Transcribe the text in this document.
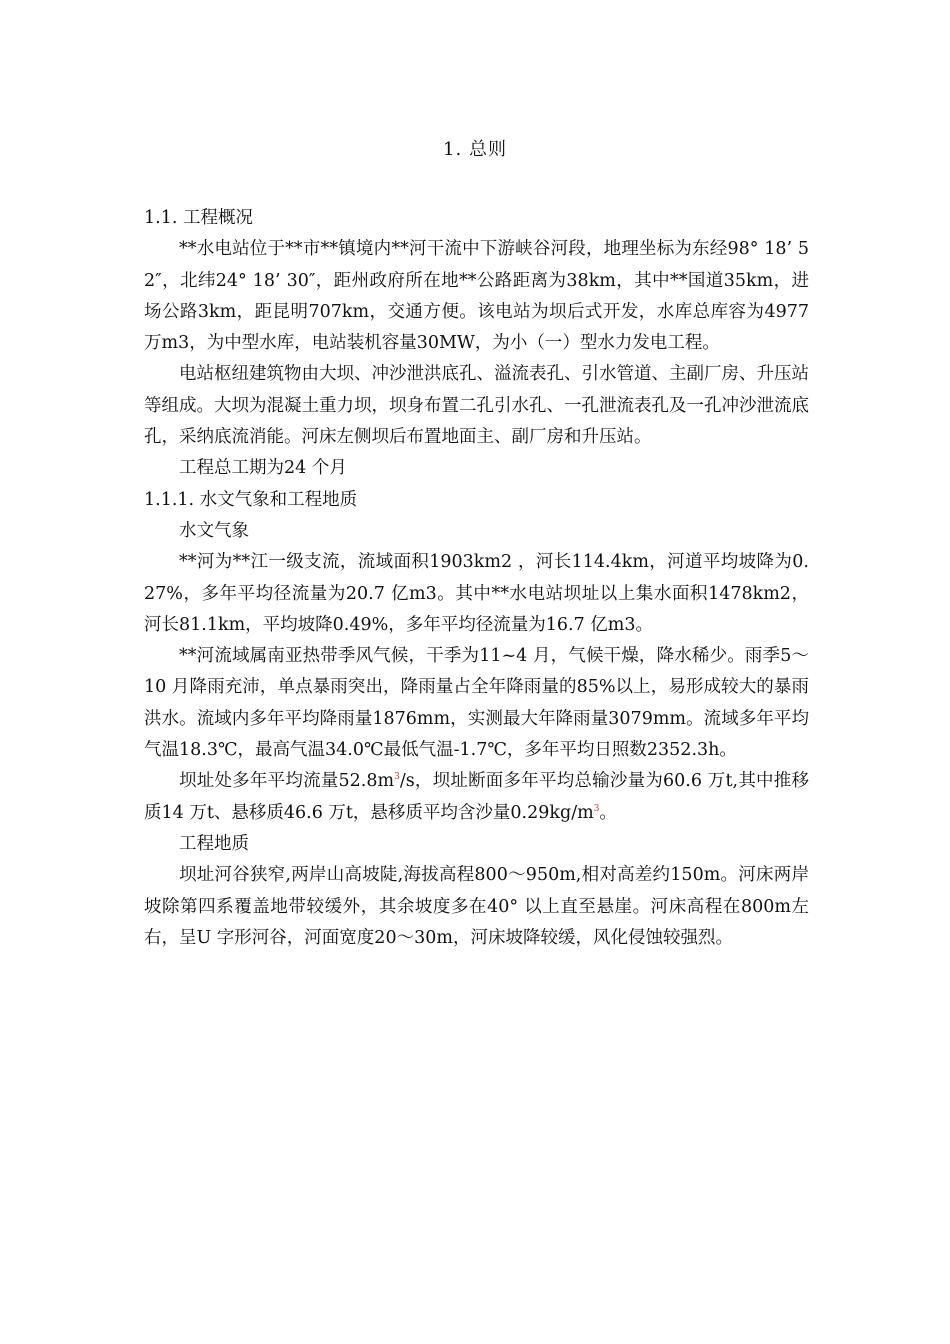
1. 总则

1.1. 工程概况

**水电站位于**市**镇境内**河干流中下游峡谷河段，地理坐标为东经98° 18’ 52″，北纬24° 18’ 30″，距州政府所在地**公路距离为38km，其中**国道35km，进场公路3km，距昆明707km，交通方便。该电站为坝后式开发，水库总库容为4977万m3，为中型水库，电站装机容量30MW，为小（一）型水力发电工程。

电站枢纽建筑物由大坝、冲沙泄洪底孔、溢流表孔、引水管道、主副厂房、升压站等组成。大坝为混凝土重力坝，坝身布置二孔引水孔、一孔泄流表孔及一孔冲沙泄流底孔，采纳底流消能。河床左侧坝后布置地面主、副厂房和升压站。

工程总工期为24 个月

1.1.1. 水文气象和工程地质

水文气象

**河为**江一级支流，流域面积1903km2 ，河长114.4km，河道平均坡降为0.27%，多年平均径流量为20.7 亿m3。其中**水电站坝址以上集水面积1478km2，河长81.1km，平均坡降0.49%，多年平均径流量为16.7 亿m3。

**河流域属南亚热带季风气候，干季为11~4 月，气候干燥，降水稀少。雨季5～10 月降雨充沛，单点暴雨突出，降雨量占全年降雨量的85%以上，易形成较大的暴雨洪水。流域内多年平均降雨量1876mm，实测最大年降雨量3079mm。流域多年平均气温18.3℃，最高气温34.0℃最低气温-1.7℃，多年平均日照数2352.3h。

坝址处多年平均流量$52.8m^3/s$，坝址断面多年平均总输沙量为60.6 万t,其中推移质14 万t、悬移质46.6 万t，悬移质平均含沙量$0.29kg/m^3$。

工程地质

坝址河谷狭窄,两岸山高坡陡,海拔高程800～950m,相对高差约150m。河床两岸坡除第四系覆盖地带较缓外，其余坡度多在40° 以上直至悬崖。河床高程在800m左右，呈U 字形河谷，河面宽度20～30m，河床坡降较缓，风化侵蚀较强烈。
